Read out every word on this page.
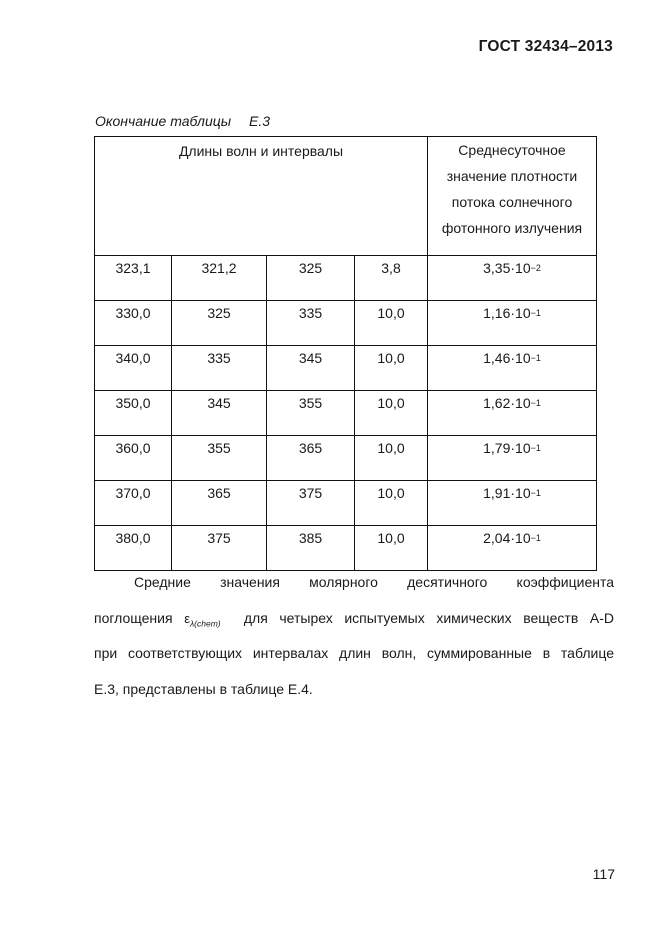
ГОСТ 32434–2013
Окончание таблицы Е.3
Длины волн и интервалы				Среднесуточное
значение плотности
потока солнечного
фотонного излучения

323,1	321,2	325	3,8	$3,35\cdot 10^{-2}$
330,0	325	335	10,0	$1,16\cdot 10^{-1}$
340,0	335	345	10,0	$1,46\cdot 10^{-1}$
350,0	345	355	10,0	$1,62\cdot 10^{-1}$
360,0	355	365	10,0	$1,79\cdot 10^{-1}$
370,0	365	375	10,0	$1,91\cdot 10^{-1}$
380,0	375	385	10,0	$2,04\cdot 10^{-1}$
Средние значения молярного десятичного коэффициента
поглощения $\varepsilon_{\lambda(chem)}$ для четырех испытуемых химических веществ A-D
при соответствующих интервалах длин волн, суммированные в таблице
Е.3, представлены в таблице Е.4.
117
